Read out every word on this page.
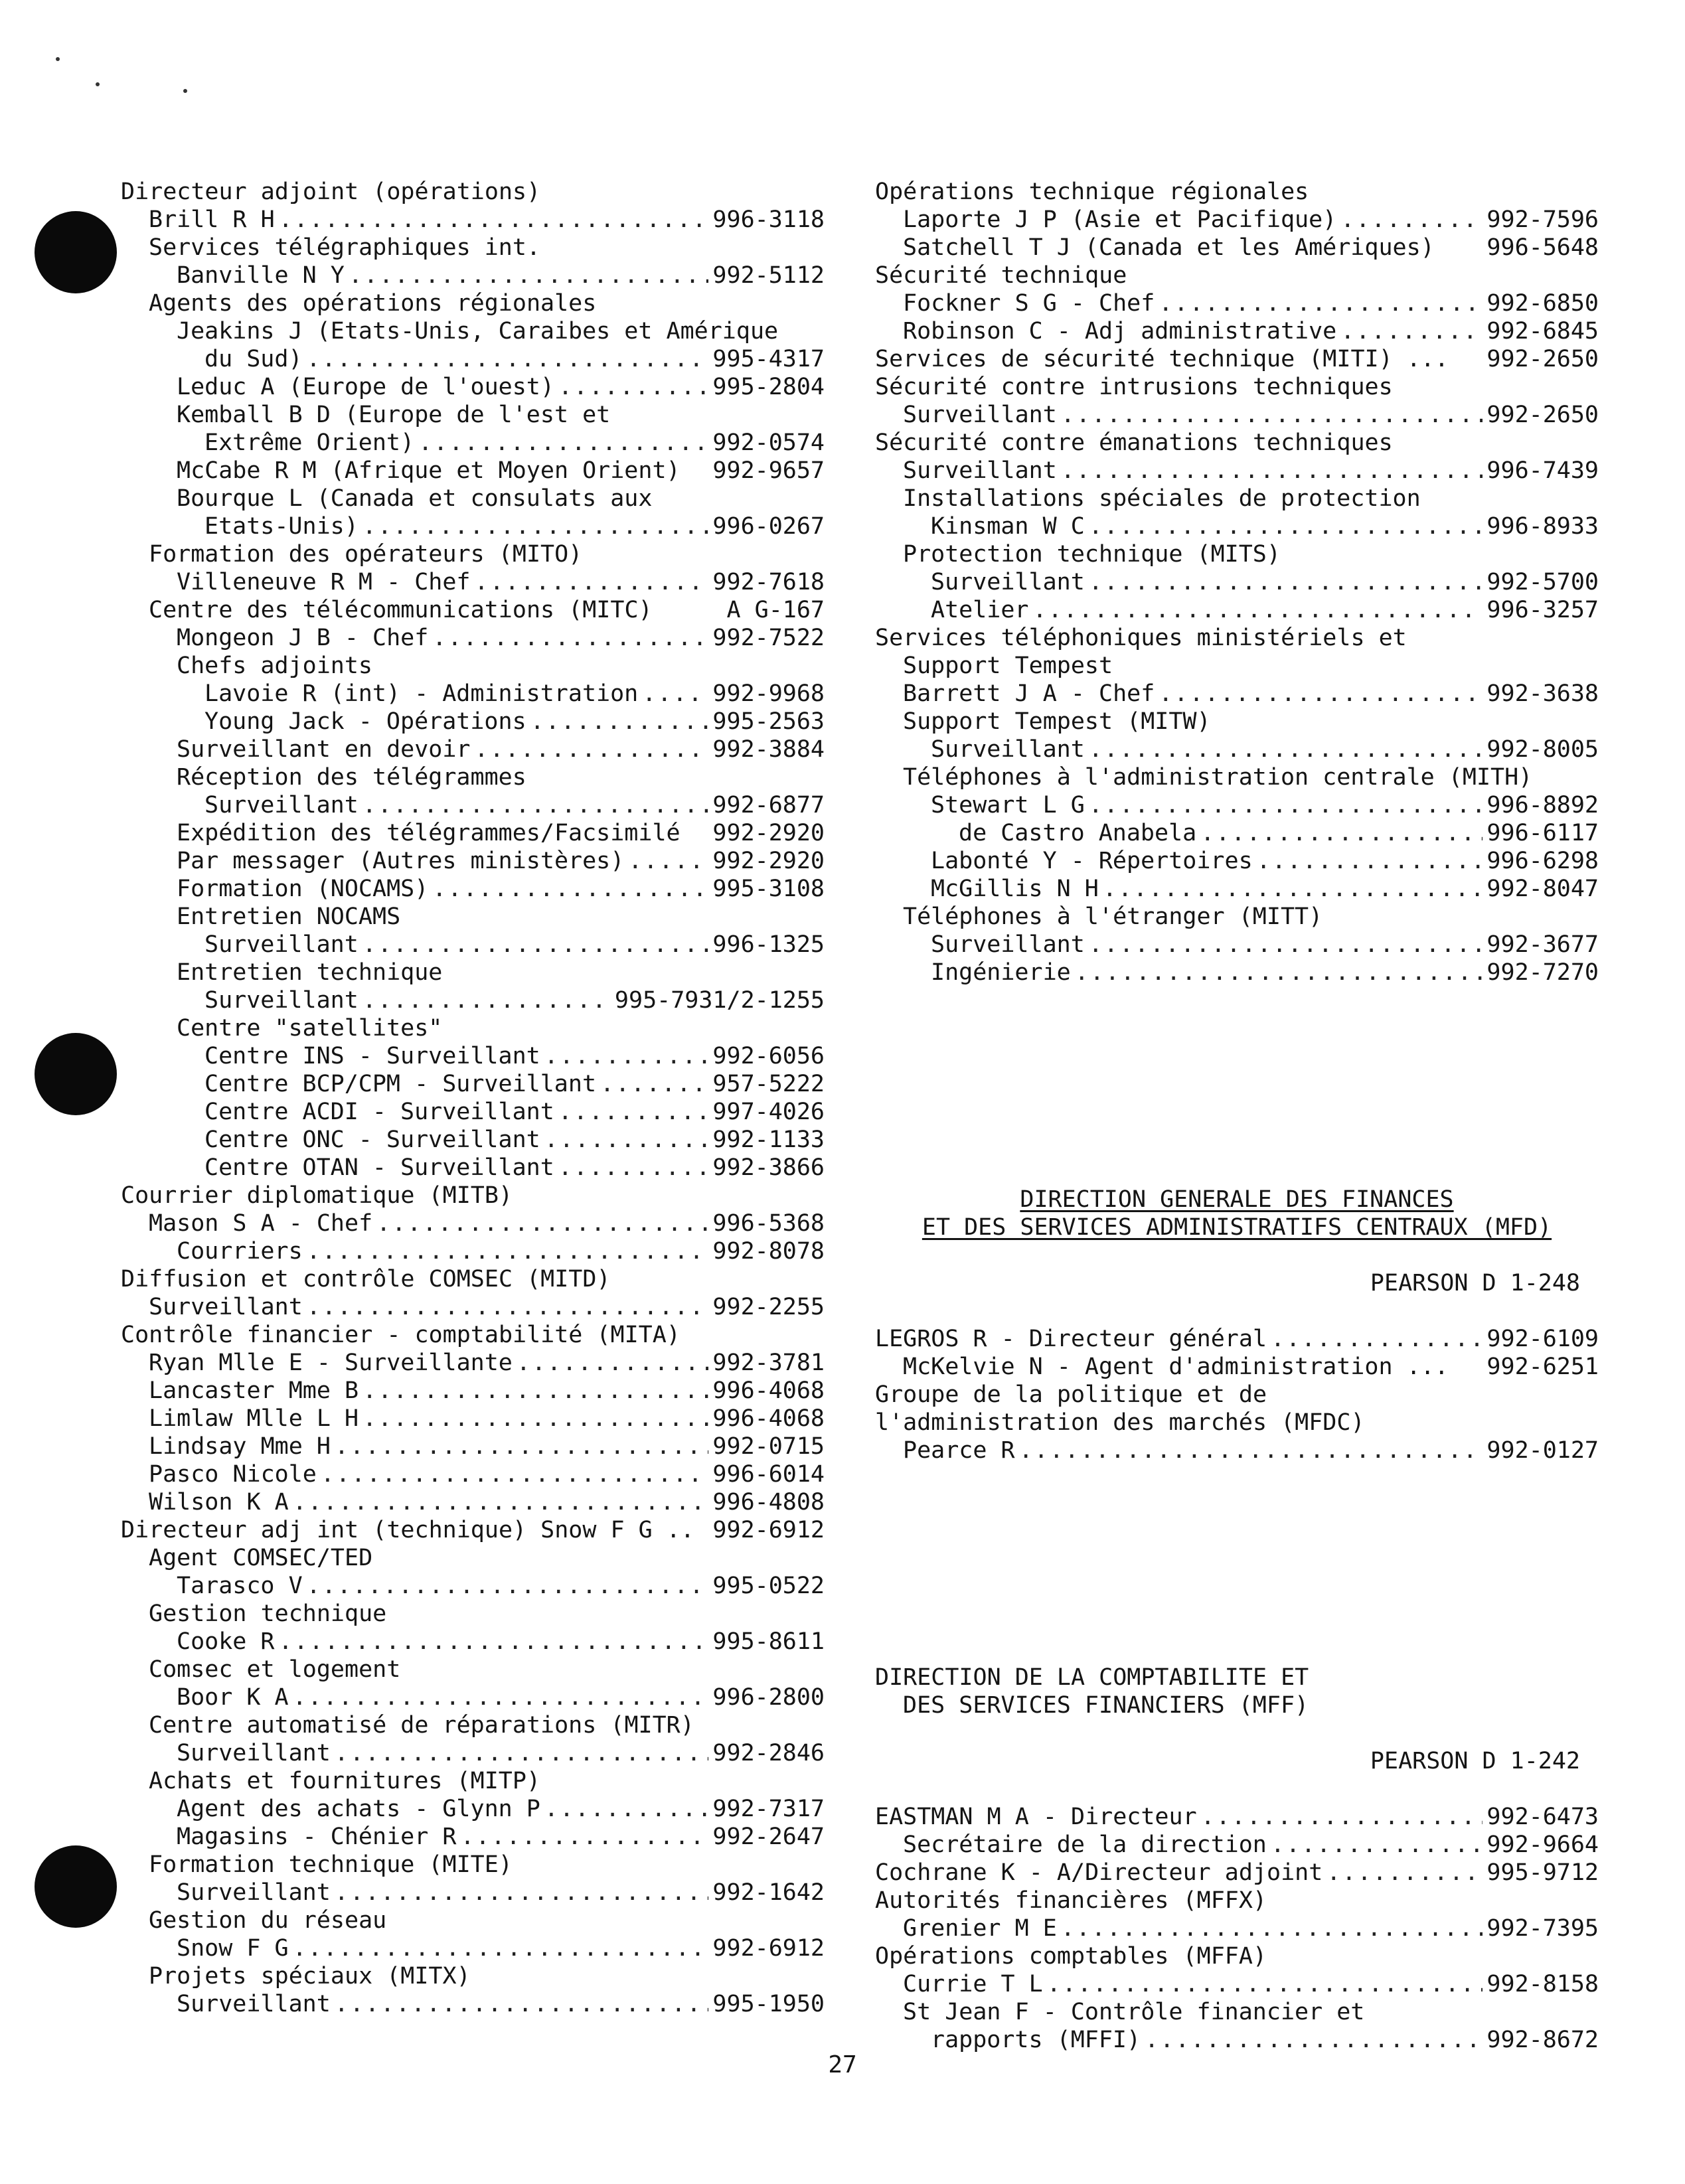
Directeur adjoint (opérations)
Brill R H .....	996-3118
Services télégraphiques int.
Banville N Y .....	992-5112
Agents des opérations régionales
Jeakins J (Etats-Unis, Caraibes et Amérique
du Sud) .....	995-4317
Leduc A (Europe de l'ouest) .....	995-2804
Kemball B D (Europe de l'est et
Extrême Orient) .....	992-0574
McCabe R M (Afrique et Moyen Orient) 992-9657
Bourque L (Canada et consulats aux
Etats-Unis) .....	996-0267
Formation des opérateurs (MITO)
Villeneuve R M - Chef .....	992-7618
Centre des télécommunications (MITC)	A G-167
Mongeon J B - Chef .....	992-7522
Chefs adjoints
Lavoie R (int) - Administration .....	992-9968
Young Jack - Opérations .....	995-2563
Surveillant en devoir .....	992-3884
Réception des télégrammes
Surveillant .....	992-6877
Expédition des télégrammes/Facsimilé 992-2920
Par messager (Autres ministères) .....	992-2920
Formation (NOCAMS) .....	995-3108
Entretien NOCAMS
Surveillant .....	996-1325
Entretien technique
Surveillant .....	995-7931/2-1255
Centre "satellites"
Centre INS - Surveillant .....	992-6056
Centre BCP/CPM - Surveillant .....	957-5222
Centre ACDI - Surveillant .....	997-4026
Centre ONC - Surveillant .....	992-1133
Centre OTAN - Surveillant .....	992-3866
Courrier diplomatique (MITB)
Mason S A - Chef .....	996-5368
Courriers .....	992-8078
Diffusion et contrôle COMSEC (MITD)
Surveillant .....	992-2255
Contrôle financier - comptabilité (MITA)
Ryan Mlle E - Surveillante .....	992-3781
Lancaster Mme B .....	996-4068
Limlaw Mlle L H .....	996-4068
Lindsay Mme H .....	992-0715
Pasco Nicole .....	996-6014
Wilson K A .....	996-4808
Directeur adj int (technique) Snow F G .. 992-6912
Agent COMSEC/TED
Tarasco V .....	995-0522
Gestion technique
Cooke R .....	995-8611
Comsec et logement
Boor K A .....	996-2800
Centre automatisé de réparations (MITR)
Surveillant .....	992-2846
Achats et fournitures (MITP)
Agent des achats - Glynn P .....	992-7317
Magasins - Chénier R .....	992-2647
Formation technique (MITE)
Surveillant .....	992-1642
Gestion du réseau
Snow F G .....	992-6912
Projets spéciaux (MITX)
Surveillant .....	995-1950
Opérations technique régionales
Laporte J P (Asie et Pacifique) .....	992-7596
Satchell T J (Canada et les Amériques) 996-5648
Sécurité technique
Fockner S G - Chef .....	992-6850
Robinson C - Adj administrative .....	992-6845
Services de sécurité technique (MITI) ... 992-2650
Sécurité contre intrusions techniques
Surveillant .....	992-2650
Sécurité contre émanations techniques
Surveillant .....	996-7439
Installations spéciales de protection
Kinsman W C .....	996-8933
Protection technique (MITS)
Surveillant .....	992-5700
Atelier .....	996-3257
Services téléphoniques ministériels et
Support Tempest
Barrett J A - Chef .....	992-3638
Support Tempest (MITW)
Surveillant .....	992-8005
Téléphones à l'administration centrale (MITH)
Stewart L G .....	996-8892
de Castro Anabela .....	996-6117
Labonté Y - Répertoires .....	996-6298
McGillis N H .....	992-8047
Téléphones à l'étranger (MITT)
Surveillant .....	992-3677
Ingénierie .....	992-7270
DIRECTION GENERALE DES FINANCES
ET DES SERVICES ADMINISTRATIFS CENTRAUX (MFD)
PEARSON D 1-248
LEGROS R - Directeur général .....	992-6109
McKelvie N - Agent d'administration ... 992-6251
Groupe de la politique et de
l'administration des marchés (MFDC)
Pearce R .....	992-0127
DIRECTION DE LA COMPTABILITE ET
DES SERVICES FINANCIERS (MFF)
PEARSON D 1-242
EASTMAN M A - Directeur .....	992-6473
Secrétaire de la direction .....	992-9664
Cochrane K - A/Directeur adjoint .....	995-9712
Autorités financières (MFFX)
Grenier M E .....	992-7395
Opérations comptables (MFFA)
Currie T L .....	992-8158
St Jean F - Contrôle financier et
rapports (MFFI) .....	992-8672
27
